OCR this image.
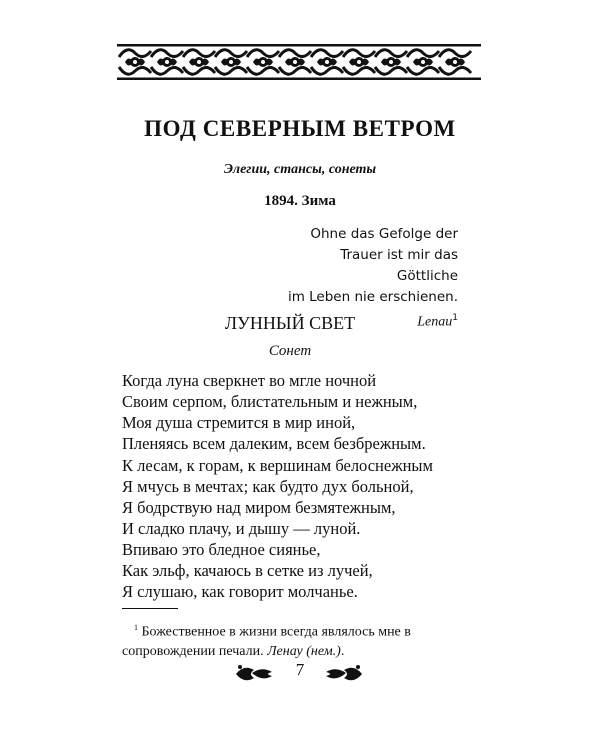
ПОД СЕВЕРНЫМ ВЕТРОМ
Элегии, стансы, сонеты
1894. Зима
Ohne das Gefolge der
Trauer ist mir das Göttliche
im Leben nie erschienen.
Lenau$^1$
ЛУННЫЙ СВЕТ
Сонет
Когда луна сверкнет во мгле ночной
Своим серпом, блистательным и нежным,
Моя душа стремится в мир иной,
Пленяясь всем далеким, всем безбрежным.
К лесам, к горам, к вершинам белоснежным
Я мчусь в мечтах; как будто дух больной,
Я бодрствую над миром безмятежным,
И сладко плачу, и дышу — луной.
Впиваю это бледное сиянье,
Как эльф, качаюсь в сетке из лучей,
Я слушаю, как говорит молчанье.
$^1$ Божественное в жизни всегда являлось мне в
сопровождении печали. Ленау (нем.).
7
